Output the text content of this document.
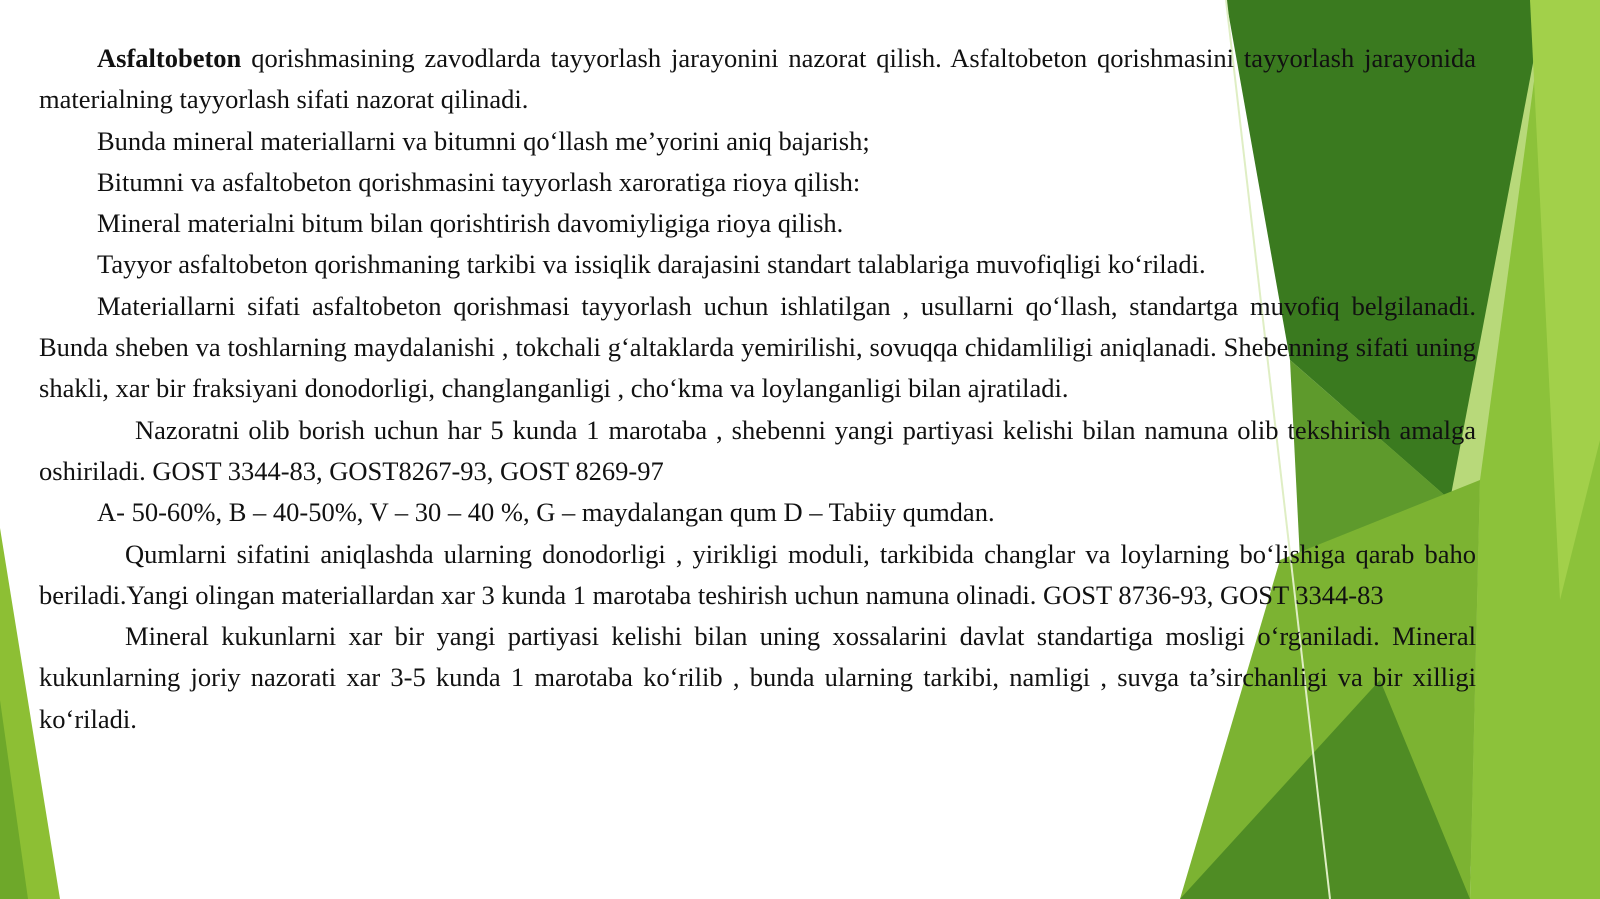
Asfaltobeton qorishmasining zavodlarda tayyorlash jarayonini nazorat qilish. Asfaltobeton qorishmasini tayyorlash jarayonida materialning tayyorlash sifati nazorat qilinadi.

Bunda mineral materiallarni va bitumni qo‘llash me’yorini aniq bajarish;

Bitumni va asfaltobeton qorishmasini tayyorlash xaroratiga rioya qilish:

Mineral materialni bitum bilan qorishtirish davomiyligiga rioya qilish.

Tayyor asfaltobeton qorishmaning tarkibi va issiqlik darajasini standart talablariga muvofiqligi ko‘riladi.

Materiallarni sifati asfaltobeton qorishmasi tayyorlash uchun ishlatilgan , usullarni qo‘llash, standartga muvofiq belgilanadi. Bunda sheben va toshlarning maydalanishi , tokchali g‘altaklarda yemirilishi, sovuqqa chidamliligi aniqlanadi. Shebenning sifati uning shakli, xar bir fraksiyani donodorligi, changlanganligi , cho‘kma va loylanganligi bilan ajratiladi.

Nazoratni olib borish uchun har 5 kunda 1 marotaba , shebenni yangi partiyasi kelishi bilan namuna olib tekshirish amalga oshiriladi. GOST 3344-83, GOST8267-93, GOST 8269-97

A- 50-60%, B – 40-50%, V – 30 – 40 %, G – maydalangan qum D – Tabiiy qumdan.

Qumlarni sifatini aniqlashda ularning donodorligi , yirikligi moduli, tarkibida changlar va loylarning bo‘lishiga qarab baho beriladi.Yangi olingan materiallardan xar 3 kunda 1 marotaba teshirish uchun namuna olinadi. GOST 8736-93, GOST 3344-83

Mineral kukunlarni xar bir yangi partiyasi kelishi bilan uning xossalarini davlat standartiga mosligi o‘rganiladi. Mineral kukunlarning joriy nazorati xar 3-5 kunda 1 marotaba ko‘rilib , bunda ularning tarkibi, namligi , suvga ta’sirchanligi va bir xilligi ko‘riladi.
